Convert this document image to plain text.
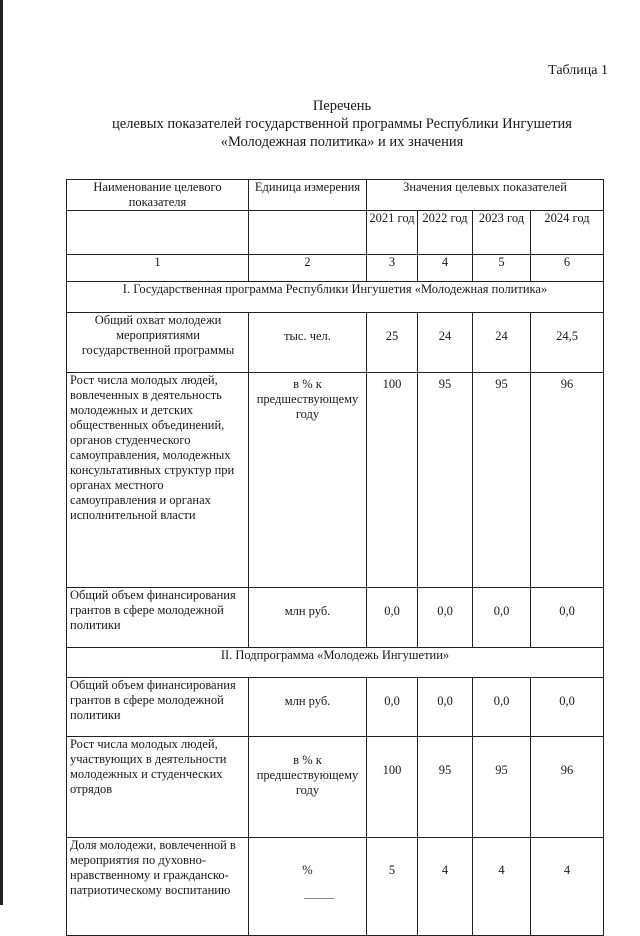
Таблица 1
Перечень
целевых показателей государственной программы Республики Ингушетия
«Молодежная политика» и их значения
Наименование целевого показателя	Единица измерения	Значения целевых показателей			
		2021 год	2022 год	2023 год	2024 год
1	2	3	4	5	6
I. Государственная программа Республики Ингушетия «Молодежная политика»					
Общий охват молодежи мероприятиями государственной программы	тыс. чел.	25	24	24	24,5
Рост числа молодых людей, вовлеченных в деятельность молодежных и детских общественных объединений, органов студенческого самоуправления, молодежных консультативных структур при органах местного самоуправления и органах исполнительной власти	в % к предшествующему году	100	95	95	96
Общий объем финансирования грантов в сфере молодежной политики	млн руб.	0,0	0,0	0,0	0,0
II. Подпрограмма «Молодежь Ингушетии»					
Общий объем финансирования грантов в сфере молодежной политики	млн руб.	0,0	0,0	0,0	0,0
Рост числа молодых людей, участвующих в деятельности молодежных и студенческих отрядов	в % к предшествующему году	100	95	95	96
Доля молодежи, вовлеченной в мероприятия по духовно-нравственному и гражданско-патриотическому воспитанию	%	5	4	4	4
